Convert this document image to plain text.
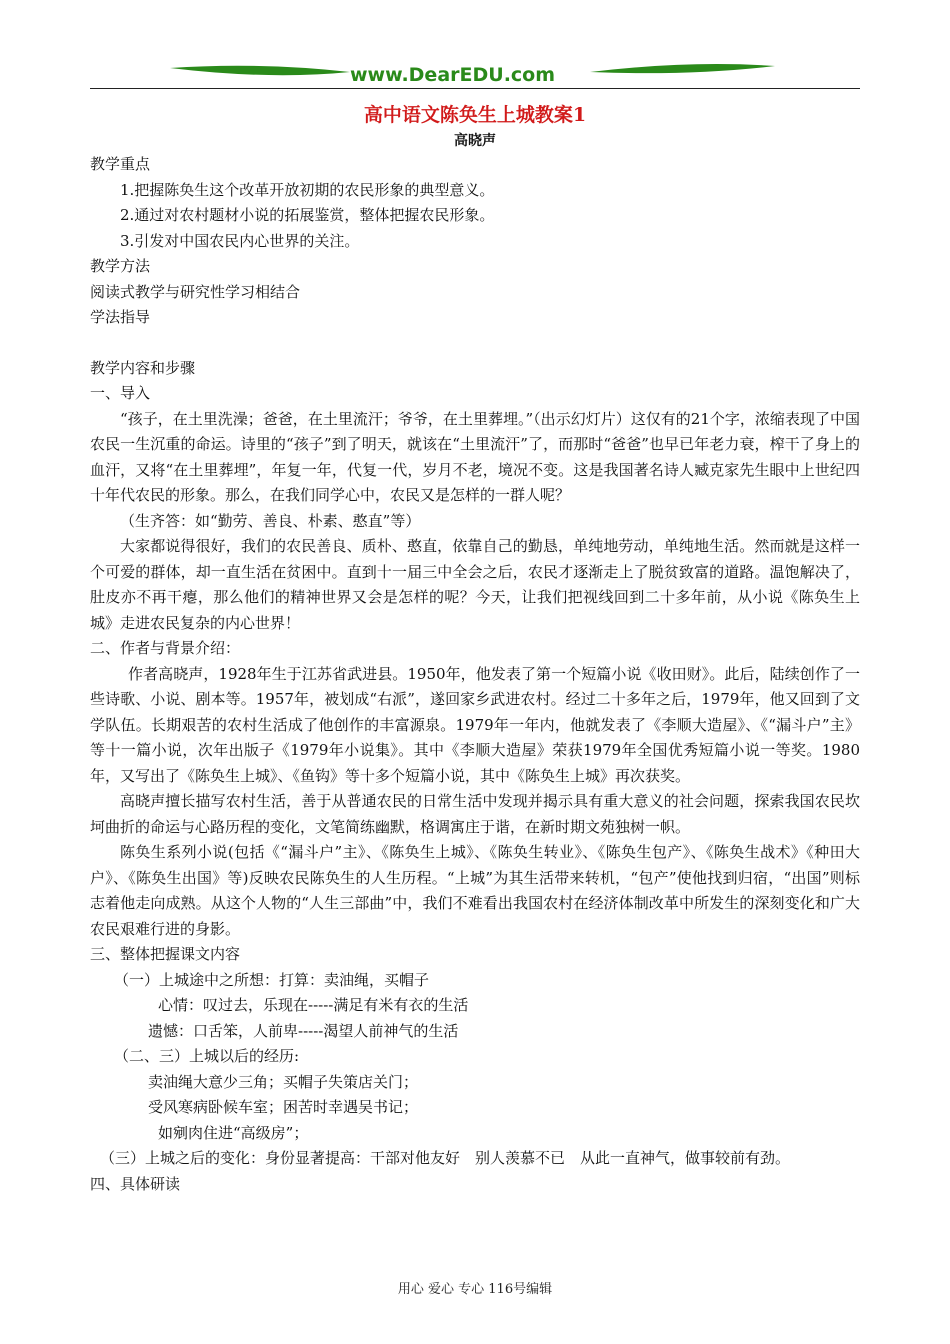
www.DearEDU.com
高中语文陈奂生上城教案1
高晓声

教学重点

1.把握陈奂生这个改革开放初期的农民形象的典型意义。

2.通过对农村题材小说的拓展鉴赏，整体把握农民形象。

3.引发对中国农民内心世界的关注。

教学方法

阅读式教学与研究性学习相结合

学法指导

教学内容和步骤

一、导入

“孩子，在土里洗澡；爸爸，在土里流汗；爷爷，在土里葬埋。”（出示幻灯片）这仅有的21个字，浓缩表现了中国农民一生沉重的命运。诗里的“孩子”到了明天，就该在“土里流汗”了，而那时“爸爸”也早已年老力衰，榨干了身上的血汗，又将“在土里葬埋”，年复一年，代复一代，岁月不老，境况不变。这是我国著名诗人臧克家先生眼中上世纪四十年代农民的形象。那么，在我们同学心中，农民又是怎样的一群人呢？

（生齐答：如“勤劳、善良、朴素、憨直”等）

大家都说得很好，我们的农民善良、质朴、憨直，依靠自己的勤恳，单纯地劳动，单纯地生活。然而就是这样一个可爱的群体，却一直生活在贫困中。直到十一届三中全会之后，农民才逐渐走上了脱贫致富的道路。温饱解决了，肚皮亦不再干瘪，那么他们的精神世界又会是怎样的呢？今天，让我们把视线回到二十多年前，从小说《陈奂生上城》走进农民复杂的内心世界！

二、作者与背景介绍：

作者高晓声，1928年生于江苏省武进县。1950年，他发表了第一个短篇小说《收田财》。此后，陆续创作了一些诗歌、小说、剧本等。1957年，被划成“右派”，遂回家乡武进农村。经过二十多年之后，1979年，他又回到了文学队伍。长期艰苦的农村生活成了他创作的丰富源泉。1979年一年内，他就发表了《李顺大造屋》、《“漏斗户”主》等十一篇小说，次年出版子《1979年小说集》。其中《李顺大造屋》荣获1979年全国优秀短篇小说一等奖。1980年，又写出了《陈奂生上城》、《鱼钩》等十多个短篇小说，其中《陈奂生上城》再次获奖。

高晓声擅长描写农村生活，善于从普通农民的日常生活中发现并揭示具有重大意义的社会问题，探索我国农民坎坷曲折的命运与心路历程的变化，文笔简练幽默，格调寓庄于谐，在新时期文苑独树一帜。

陈奂生系列小说(包括《“漏斗户”主》、《陈奂生上城》、《陈奂生转业》、《陈奂生包产》、《陈奂生战术》《种田大户》、《陈奂生出国》等)反映农民陈奂生的人生历程。“上城”为其生活带来转机，“包产”使他找到归宿，“出国”则标志着他走向成熟。从这个人物的“人生三部曲”中，我们不难看出我国农村在经济体制改革中所发生的深刻变化和广大农民艰难行进的身影。

三、整体把握课文内容

（一）上城途中之所想：打算：卖油绳，买帽子

心情：叹过去，乐现在-----满足有米有衣的生活

遗憾：口舌笨，人前卑-----渴望人前神气的生活

（二、三）上城以后的经历:

卖油绳大意少三角；买帽子失策店关门；

受风寒病卧候车室；困苦时幸遇吴书记；

如剜肉住进“高级房”；

（三）上城之后的变化：身份显著提高：干部对他友好　别人羡慕不已　从此一直神气，做事较前有劲。

四、具体研读

用心 爱心 专心 116号编辑
